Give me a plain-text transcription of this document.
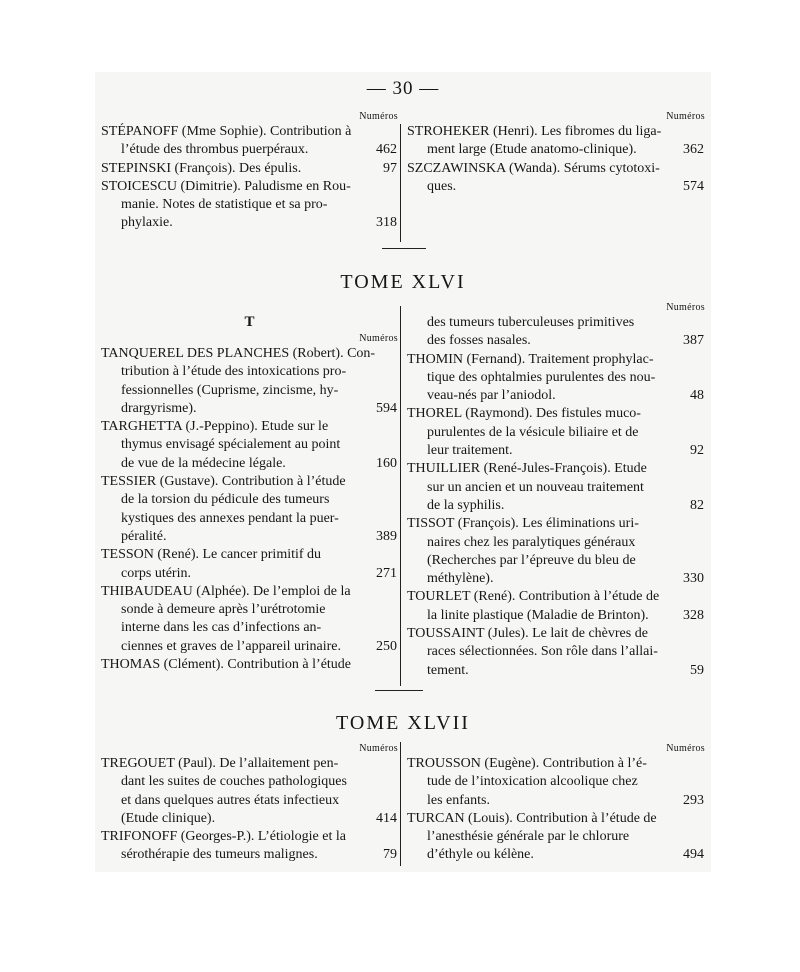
— 30 —
Numéros
STÉPANOFF (Mme Sophie). Contribution à
l’étude des thrombus puerpéraux.	462
STEPINSKI (François). Des épulis.	97
STOICESCU (Dimitrie). Paludisme en Rou-
manie. Notes de statistique et sa pro-
phylaxie.	318
Numéros
STROHEKER (Henri). Les fibromes du liga-
ment large (Etude anatomo-clinique).	362
SZCZAWINSKA (Wanda). Sérums cytotoxi-
ques.	574
TOME XLVI
T
Numéros
TANQUEREL DES PLANCHES (Robert). Con-
tribution à l’étude des intoxications pro-
fessionnelles (Cuprisme, zincisme, hy-
drargyrisme).	594
TARGHETTA (J.-Peppino). Etude sur le
thymus envisagé spécialement au point
de vue de la médecine légale.	160
TESSIER (Gustave). Contribution à l’étude
de la torsion du pédicule des tumeurs
kystiques des annexes pendant la puer-
péralité.	389
TESSON (René). Le cancer primitif du
corps utérin.	271
THIBAUDEAU (Alphée). De l’emploi de la
sonde à demeure après l’urétrotomie
interne dans les cas d’infections an-
ciennes et graves de l’appareil urinaire. 250
THOMAS (Clément). Contribution à l’étude
Numéros
des tumeurs tuberculeuses primitives
des fosses nasales.	387
THOMIN (Fernand). Traitement prophylac-
tique des ophtalmies purulentes des nou-
veau-nés par l’aniodol.	48
THOREL (Raymond). Des fistules muco-
purulentes de la vésicule biliaire et de
leur traitement.	92
THUILLIER (René-Jules-François). Etude
sur un ancien et un nouveau traitement
de la syphilis.	82
TISSOT (François). Les éliminations uri-
naires chez les paralytiques généraux
(Recherches par l’épreuve du bleu de
méthylène).	330
TOURLET (René). Contribution à l’étude de
la linite plastique (Maladie de Brinton). 328
TOUSSAINT (Jules). Le lait de chèvres de
races sélectionnées. Son rôle dans l’allai-
tement.	59
TOME XLVII
Numéros
TREGOUET (Paul). De l’allaitement pen-
dant les suites de couches pathologiques
et dans quelques autres états infectieux
(Etude clinique).	414
TRIFONOFF (Georges-P.). L’étiologie et la
sérothérapie des tumeurs malignes.	79
Numéros
TROUSSON (Eugène). Contribution à l’é-
tude de l’intoxication alcoolique chez
les enfants.	293
TURCAN (Louis). Contribution à l’étude de
l’anesthésie générale par le chlorure
d’éthyle ou kélène.	494
